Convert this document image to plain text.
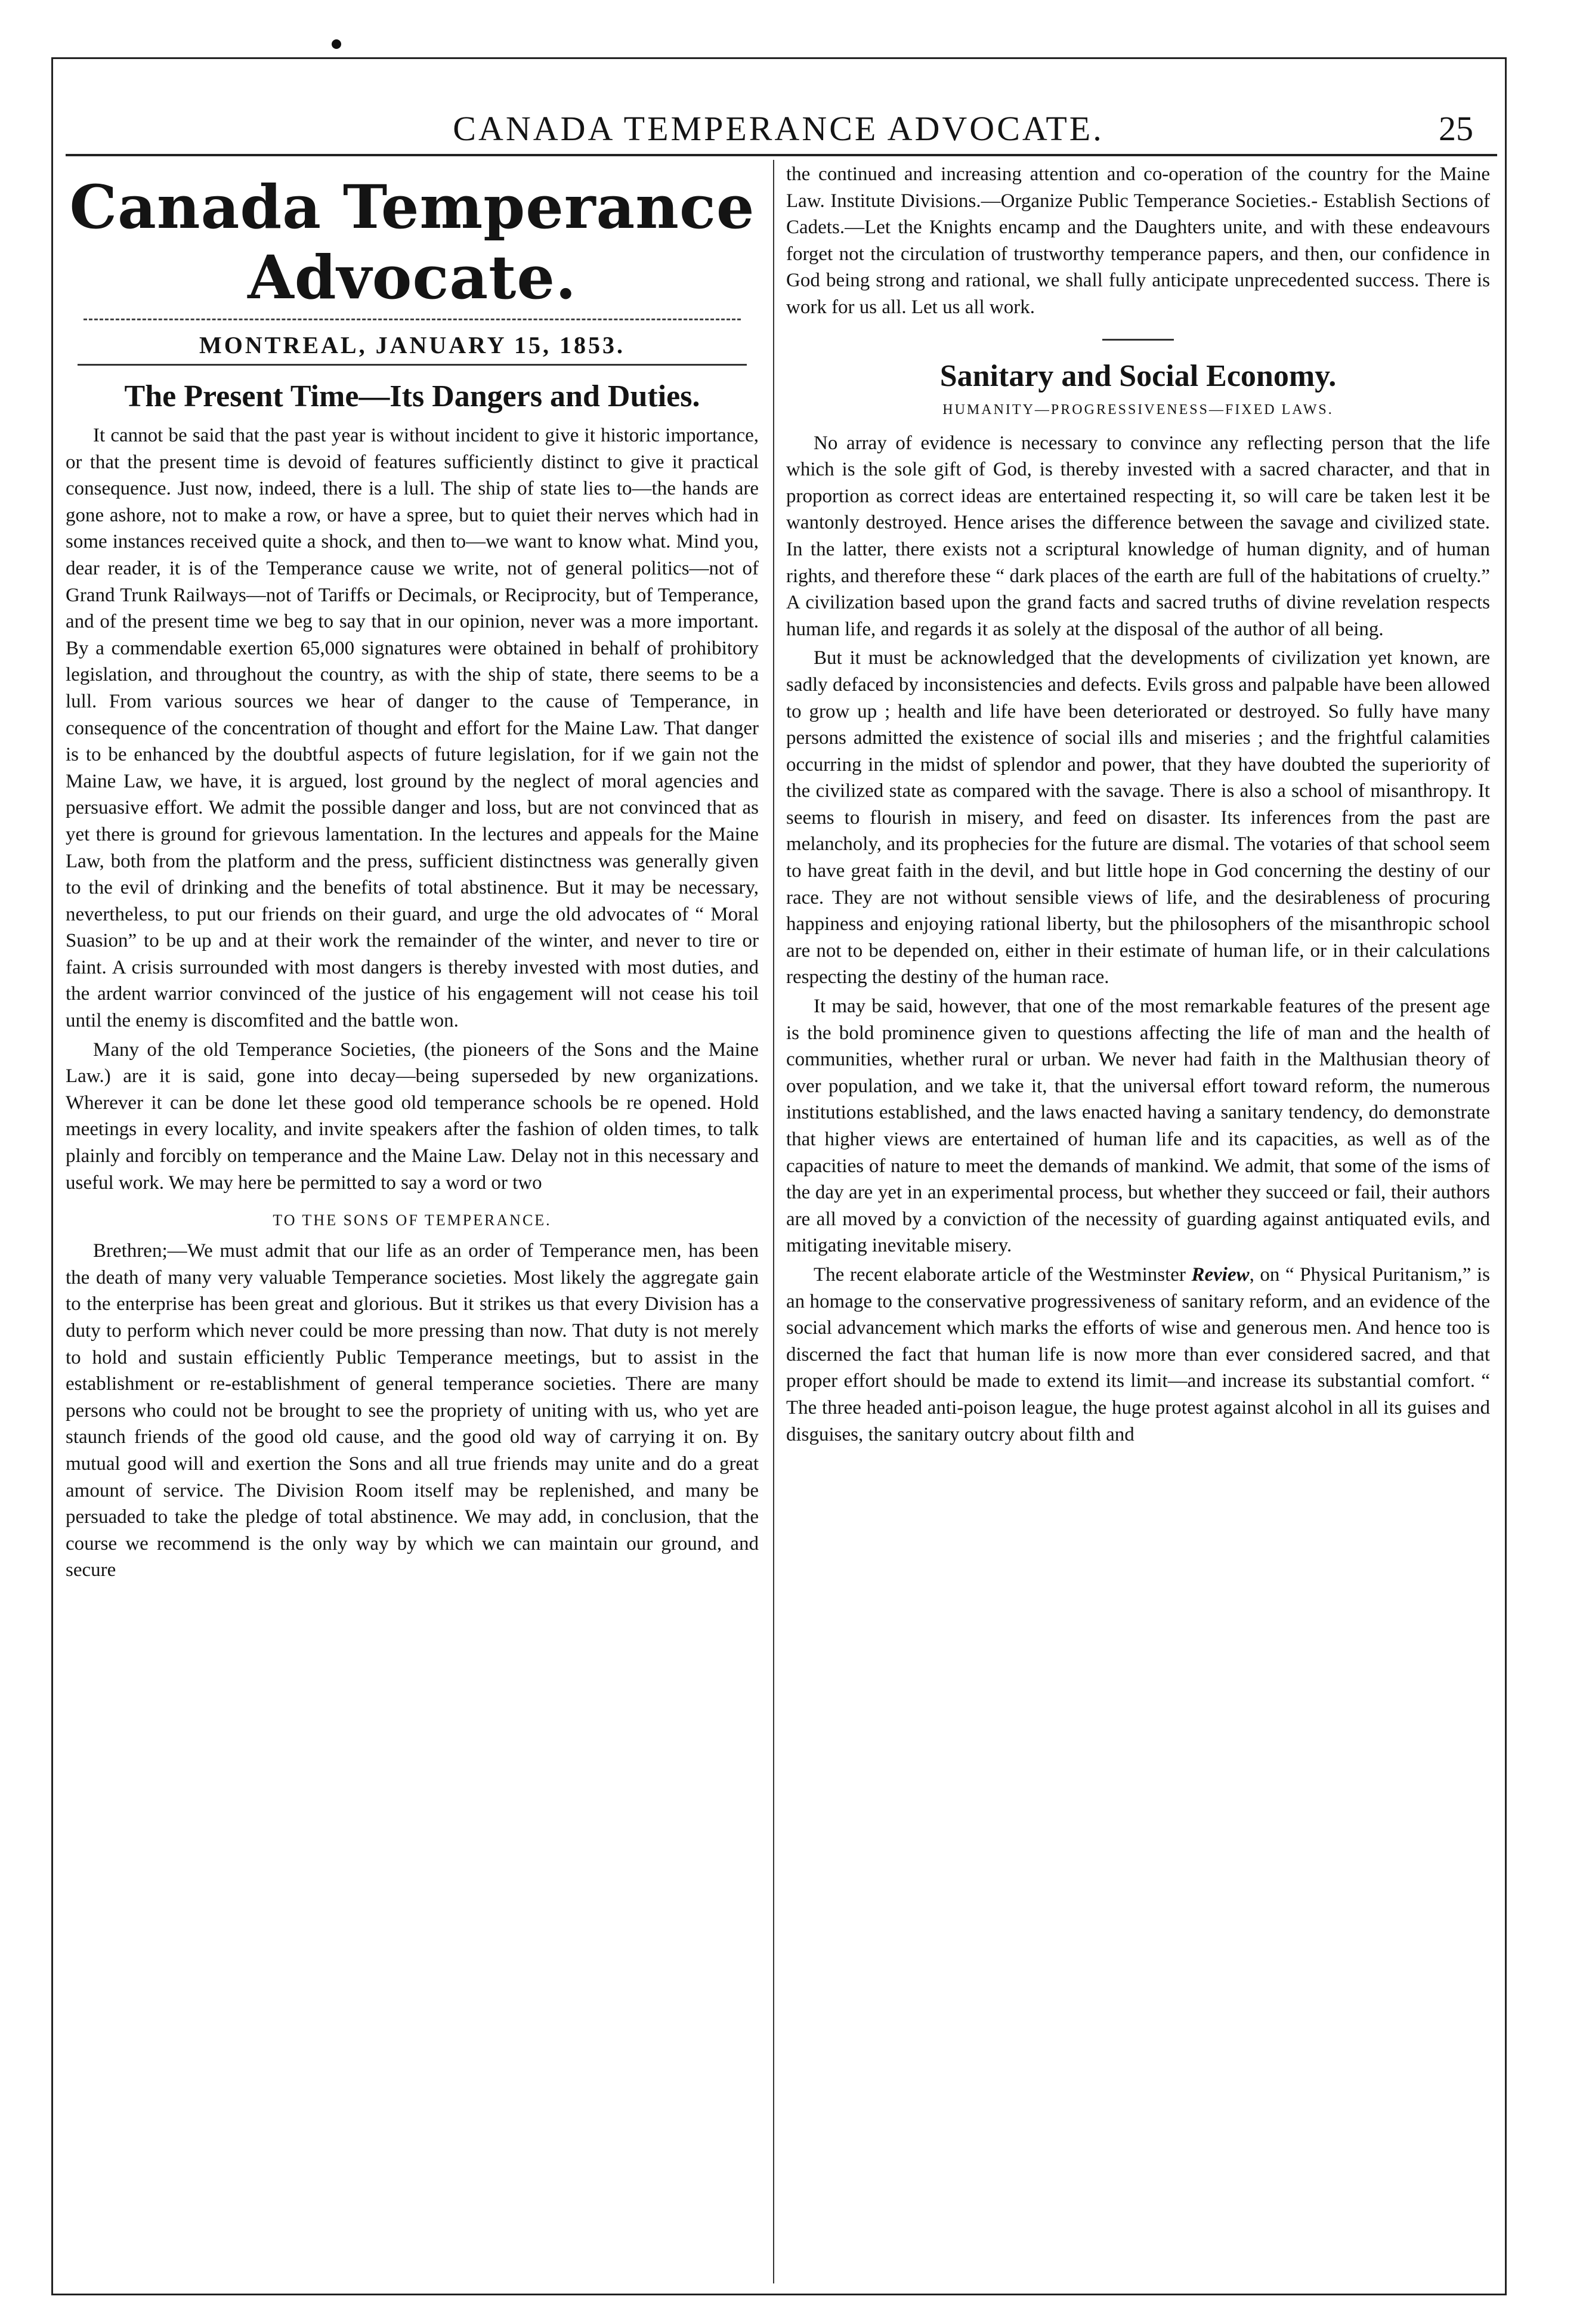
CANADA TEMPERANCE ADVOCATE.	25
Canada Temperance Advocate.
MONTREAL, JANUARY 15, 1853.
The Present Time—Its Dangers and Duties.

It cannot be said that the past year is without incident to give it historic importance, or that the present time is devoid of features sufficiently distinct to give it practical consequence. Just now, indeed, there is a lull. The ship of state lies to—the hands are gone ashore, not to make a row, or have a spree, but to quiet their nerves which had in some instances received quite a shock, and then to—we want to know what. Mind you, dear reader, it is of the Temperance cause we write, not of general politics—not of Grand Trunk Railways—not of Tariffs or Decimals, or Reciprocity, but of Temperance, and of the present time we beg to say that in our opinion, never was a more important. By a commendable exertion 65,000 signatures were obtained in behalf of prohibitory legislation, and throughout the country, as with the ship of state, there seems to be a lull. From various sources we hear of danger to the cause of Temperance, in consequence of the concentration of thought and effort for the Maine Law. That danger is to be enhanced by the doubtful aspects of future legislation, for if we gain not the Maine Law, we have, it is argued, lost ground by the neglect of moral agencies and persuasive effort. We admit the possible danger and loss, but are not convinced that as yet there is ground for grievous lamentation. In the lectures and appeals for the Maine Law, both from the platform and the press, sufficient distinctness was generally given to the evil of drinking and the benefits of total abstinence. But it may be necessary, nevertheless, to put our friends on their guard, and urge the old advocates of “ Moral Suasion” to be up and at their work the remainder of the winter, and never to tire or faint. A crisis surrounded with most dangers is thereby invested with most duties, and the ardent warrior convinced of the justice of his engagement will not cease his toil until the enemy is discomfited and the battle won.

Many of the old Temperance Societies, (the pioneers of the Sons and the Maine Law.) are it is said, gone into decay—being superseded by new organizations. Wherever it can be done let these good old temperance schools be re opened. Hold meetings in every locality, and invite speakers after the fashion of olden times, to talk plainly and forcibly on temperance and the Maine Law. Delay not in this necessary and useful work. We may here be permitted to say a word or two

TO THE SONS OF TEMPERANCE.

Brethren;—We must admit that our life as an order of Temperance men, has been the death of many very valuable Temperance societies. Most likely the aggregate gain to the enterprise has been great and glorious. But it strikes us that every Division has a duty to perform which never could be more pressing than now. That duty is not merely to hold and sustain efficiently Public Temperance meetings, but to assist in the establishment or re-establishment of general temperance societies. There are many persons who could not be brought to see the propriety of uniting with us, who yet are staunch friends of the good old cause, and the good old way of carrying it on. By mutual good will and exertion the Sons and all true friends may unite and do a great amount of service. The Division Room itself may be replenished, and many be persuaded to take the pledge of total abstinence. We may add, in conclusion, that the course we recommend is the only way by which we can maintain our ground, and secure

the continued and increasing attention and co-operation of the country for the Maine Law. Institute Divisions.—Organize Public Temperance Societies.- Establish Sections of Cadets.—Let the Knights encamp and the Daughters unite, and with these endeavours forget not the circulation of trustworthy temperance papers, and then, our confidence in God being strong and rational, we shall fully anticipate unprecedented success. There is work for us all. Let us all work.

Sanitary and Social Economy.
HUMANITY—PROGRESSIVENESS—FIXED LAWS.

No array of evidence is necessary to convince any reflecting person that the life which is the sole gift of God, is thereby invested with a sacred character, and that in proportion as correct ideas are entertained respecting it, so will care be taken lest it be wantonly destroyed. Hence arises the difference between the savage and civilized state. In the latter, there exists not a scriptural knowledge of human dignity, and of human rights, and therefore these “ dark places of the earth are full of the habitations of cruelty.” A civilization based upon the grand facts and sacred truths of divine revelation respects human life, and regards it as solely at the disposal of the author of all being.

But it must be acknowledged that the developments of civilization yet known, are sadly defaced by inconsistencies and defects. Evils gross and palpable have been allowed to grow up ; health and life have been deteriorated or destroyed. So fully have many persons admitted the existence of social ills and miseries ; and the frightful calamities occurring in the midst of splendor and power, that they have doubted the superiority of the civilized state as compared with the savage. There is also a school of misanthropy. It seems to flourish in misery, and feed on disaster. Its inferences from the past are melancholy, and its prophecies for the future are dismal. The votaries of that school seem to have great faith in the devil, and but little hope in God concerning the destiny of our race. They are not without sensible views of life, and the desirableness of procuring happiness and enjoying rational liberty, but the philosophers of the misanthropic school are not to be depended on, either in their estimate of human life, or in their calculations respecting the destiny of the human race.

It may be said, however, that one of the most remarkable features of the present age is the bold prominence given to questions affecting the life of man and the health of communities, whether rural or urban. We never had faith in the Malthusian theory of over population, and we take it, that the universal effort toward reform, the numerous institutions established, and the laws enacted having a sanitary tendency, do demonstrate that higher views are entertained of human life and its capacities, as well as of the capacities of nature to meet the demands of mankind. We admit, that some of the isms of the day are yet in an experimental process, but whether they succeed or fail, their authors are all moved by a conviction of the necessity of guarding against antiquated evils, and mitigating inevitable misery.

The recent elaborate article of the Westminster Review, on “ Physical Puritanism,” is an homage to the conservative progressiveness of sanitary reform, and an evidence of the social advancement which marks the efforts of wise and generous men. And hence too is discerned the fact that human life is now more than ever considered sacred, and that proper effort should be made to extend its limit—and increase its substantial comfort. “ The three headed anti-poison league, the huge protest against alcohol in all its guises and disguises, the sanitary outcry about filth and
